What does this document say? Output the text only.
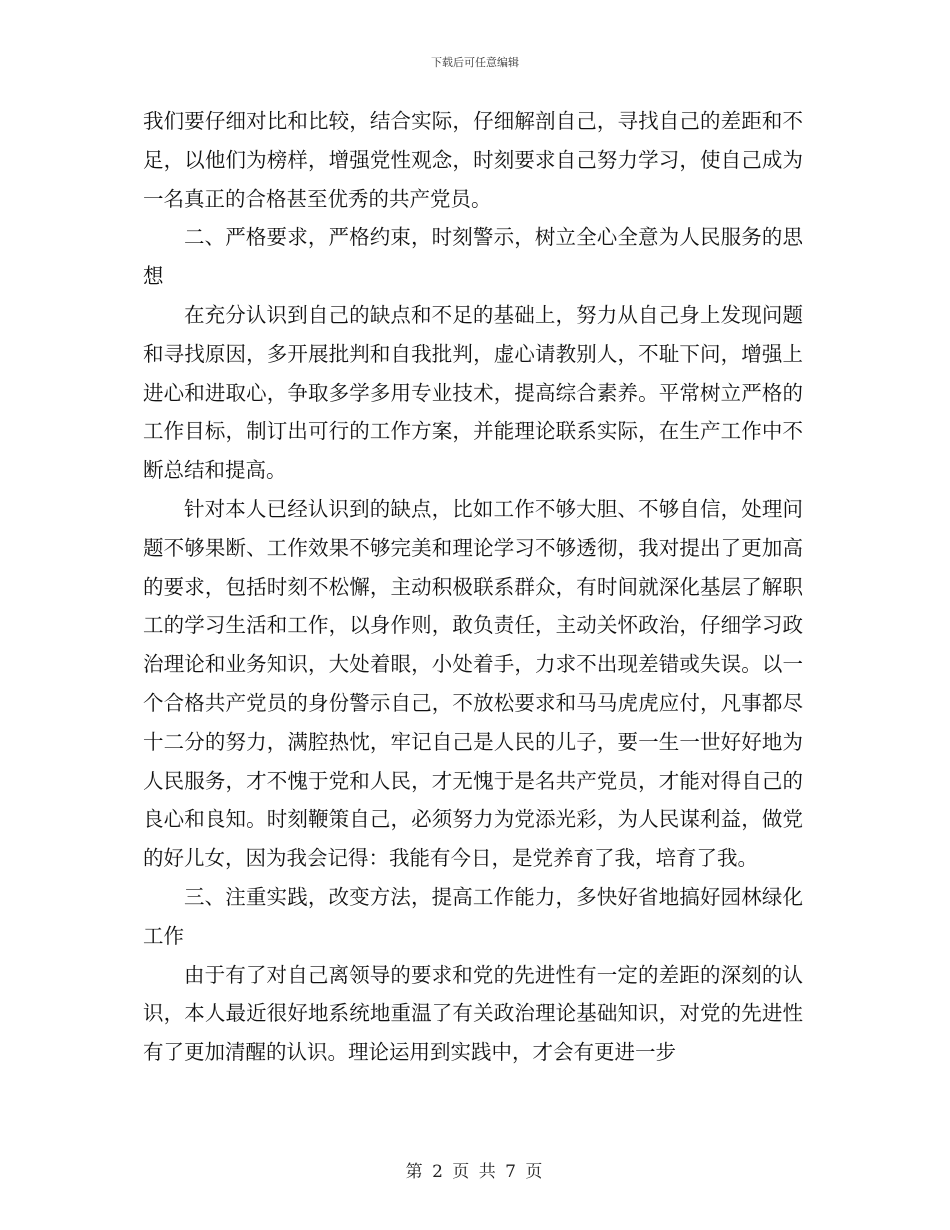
下载后可任意编辑

我们要仔细对比和比较，结合实际，仔细解剖自己，寻找自己的差距和不足，以他们为榜样，增强党性观念，时刻要求自己努力学习，使自己成为一名真正的合格甚至优秀的共产党员。

二、严格要求，严格约束，时刻警示，树立全心全意为人民服务的思想

在充分认识到自己的缺点和不足的基础上，努力从自己身上发现问题和寻找原因，多开展批判和自我批判，虚心请教别人，不耻下问，增强上进心和进取心，争取多学多用专业技术，提高综合素养。平常树立严格的工作目标，制订出可行的工作方案，并能理论联系实际，在生产工作中不断总结和提高。

针对本人已经认识到的缺点，比如工作不够大胆、不够自信，处理问题不够果断、工作效果不够完美和理论学习不够透彻，我对提出了更加高的要求，包括时刻不松懈，主动积极联系群众，有时间就深化基层了解职工的学习生活和工作，以身作则，敢负责任，主动关怀政治，仔细学习政治理论和业务知识，大处着眼，小处着手，力求不出现差错或失误。以一个合格共产党员的身份警示自己，不放松要求和马马虎虎应付，凡事都尽十二分的努力，满腔热忱，牢记自己是人民的儿子，要一生一世好好地为人民服务，才不愧于党和人民，才无愧于是名共产党员，才能对得自己的良心和良知。时刻鞭策自己，必须努力为党添光彩，为人民谋利益，做党的好儿女，因为我会记得：我能有今日，是党养育了我，培育了我。

三、注重实践，改变方法，提高工作能力，多快好省地搞好园林绿化工作

由于有了对自己离领导的要求和党的先进性有一定的差距的深刻的认识，本人最近很好地系统地重温了有关政治理论基础知识，对党的先进性有了更加清醒的认识。理论运用到实践中，才会有更进一步

第 2 页 共 7 页
